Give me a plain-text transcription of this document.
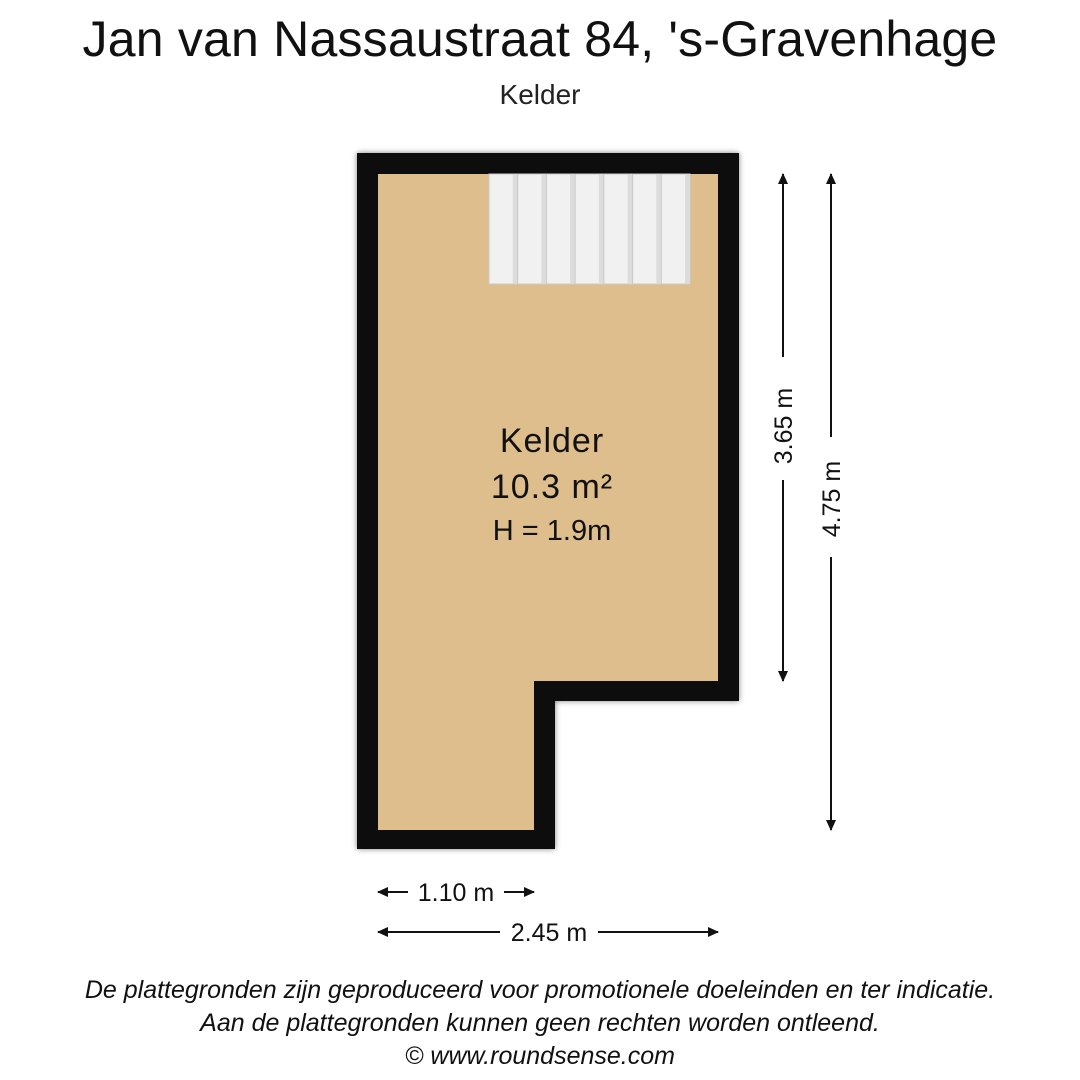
Jan van Nassaustraat 84, 's-Gravenhage
Kelder
Kelder
10.3 m²
H = 1.9m
3.65 m
4.75 m
1.10 m
2.45 m
De plattegronden zijn geproduceerd voor promotionele doeleinden en ter indicatie.
Aan de plattegronden kunnen geen rechten worden ontleend.
© www.roundsense.com
